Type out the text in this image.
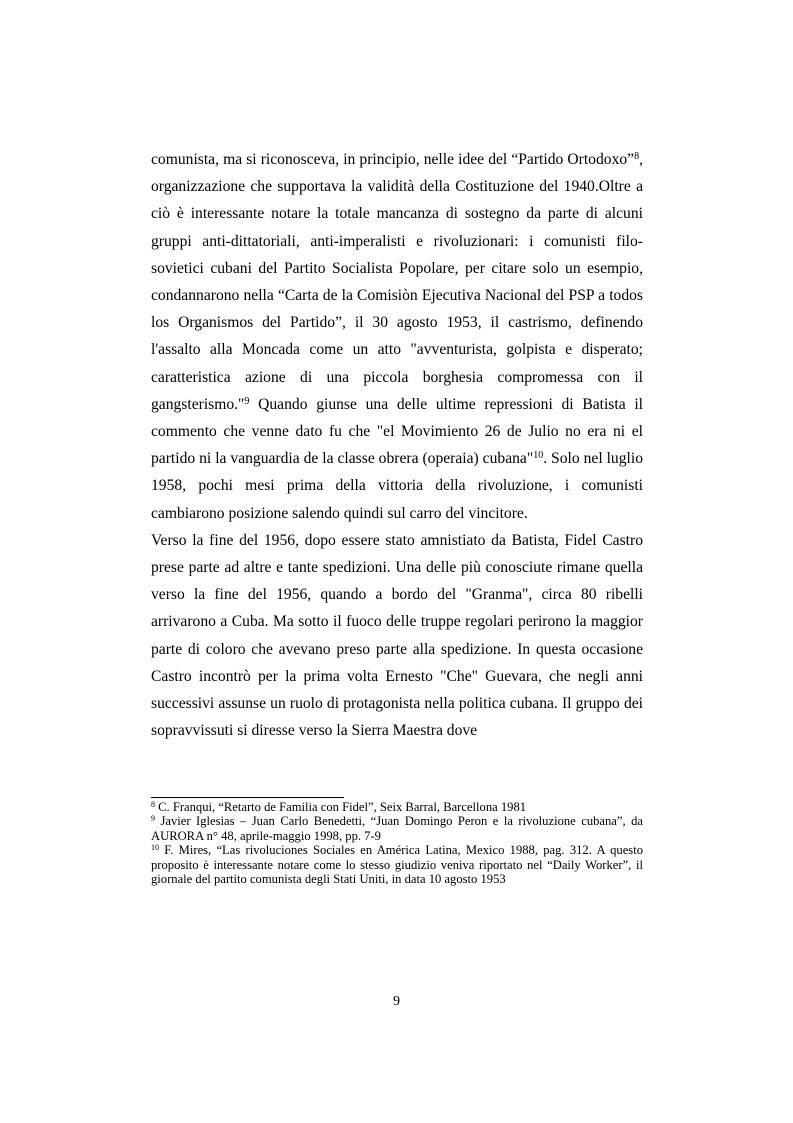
comunista, ma si riconosceva, in principio, nelle idee del “Partido Ortodoxo”$^8$, organizzazione che supportava la validità della Costituzione del 1940.Oltre a ciò è interessante notare la totale mancanza di sostegno da parte di alcuni gruppi anti-dittatoriali, anti-imperalisti e rivoluzionari: i comunisti filo-sovietici cubani del Partito Socialista Popolare, per citare solo un esempio, condannarono nella “Carta de la Comisiòn Ejecutiva Nacional del PSP a todos los Organismos del Partido”, il 30 agosto 1953, il castrismo, definendo l'assalto alla Moncada come un atto "avventurista, golpista e disperato; caratteristica azione di una piccola borghesia compromessa con il gangsterismo."$^9$ Quando giunse una delle ultime repressioni di Batista il commento che venne dato fu che "el Movimiento 26 de Julio no era ni el partido ni la vanguardia de la classe obrera (operaia) cubana"$^{10}$. Solo nel luglio 1958, pochi mesi prima della vittoria della rivoluzione, i comunisti cambiarono posizione salendo quindi sul carro del vincitore.

Verso la fine del 1956, dopo essere stato amnistiato da Batista, Fidel Castro prese parte ad altre e tante spedizioni. Una delle più conosciute rimane quella verso la fine del 1956, quando a bordo del "Granma", circa 80 ribelli arrivarono a Cuba. Ma sotto il fuoco delle truppe regolari perirono la maggior parte di coloro che avevano preso parte alla spedizione. In questa occasione Castro incontrò per la prima volta Ernesto "Che" Guevara, che negli anni successivi assunse un ruolo di protagonista nella politica cubana. Il gruppo dei sopravvissuti si diresse verso la Sierra Maestra dove

$^8$ C. Franqui, “Retarto de Familia con Fidel”, Seix Barral, Barcellona 1981

$^9$ Javier Iglesias – Juan Carlo Benedetti, “Juan Domingo Peron e la rivoluzione cubana”, da AURORA n° 48, aprile-maggio 1998, pp. 7-9

$^{10}$ F. Mires, “Las rivoluciones Sociales en América Latina, Mexico 1988, pag. 312. A questo proposito è interessante notare come lo stesso giudizio veniva riportato nel “Daily Worker”, il giornale del partito comunista degli Stati Uniti, in data 10 agosto 1953

9
